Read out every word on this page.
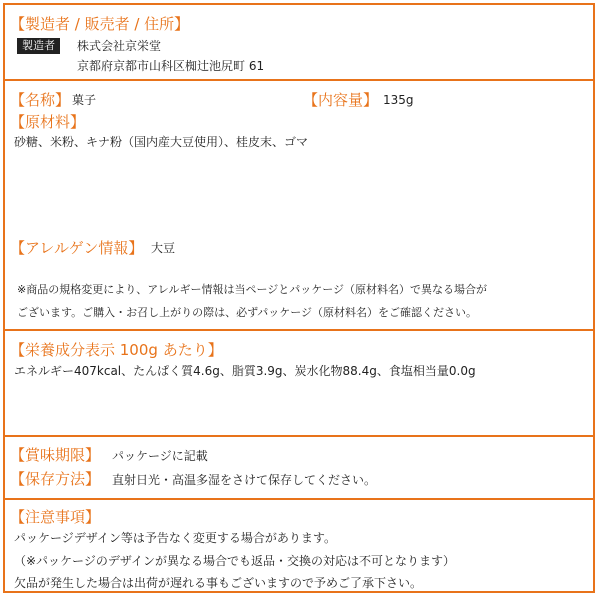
【製造者 / 販売者 / 住所】
製造者	株式会社京栄堂
京都府京都市山科区椥辻池尻町 61
【名称】 菓子	【内容量】 135g
【原材料】
砂糖、米粉、キナ粉（国内産大豆使用）、桂皮末、ゴマ
【アレルゲン情報】 大豆
※商品の規格変更により、アレルギー情報は当ページとパッケージ（原材料名）で異なる場合が
ございます。ご購入・お召し上がりの際は、必ずパッケージ（原材料名）をご確認ください。
【栄養成分表示 100g あたり】
エネルギー407kcal、たんぱく質4.6g、脂質3.9g、炭水化物88.4g、食塩相当量0.0g
【賞味期限】 パッケージに記載
【保存方法】 直射日光・高温多湿をさけて保存してください。
【注意事項】
パッケージデザイン等は予告なく変更する場合があります。
（※パッケージのデザインが異なる場合でも返品・交換の対応は不可となります）
欠品が発生した場合は出荷が遅れる事もございますので予めご了承下さい。
